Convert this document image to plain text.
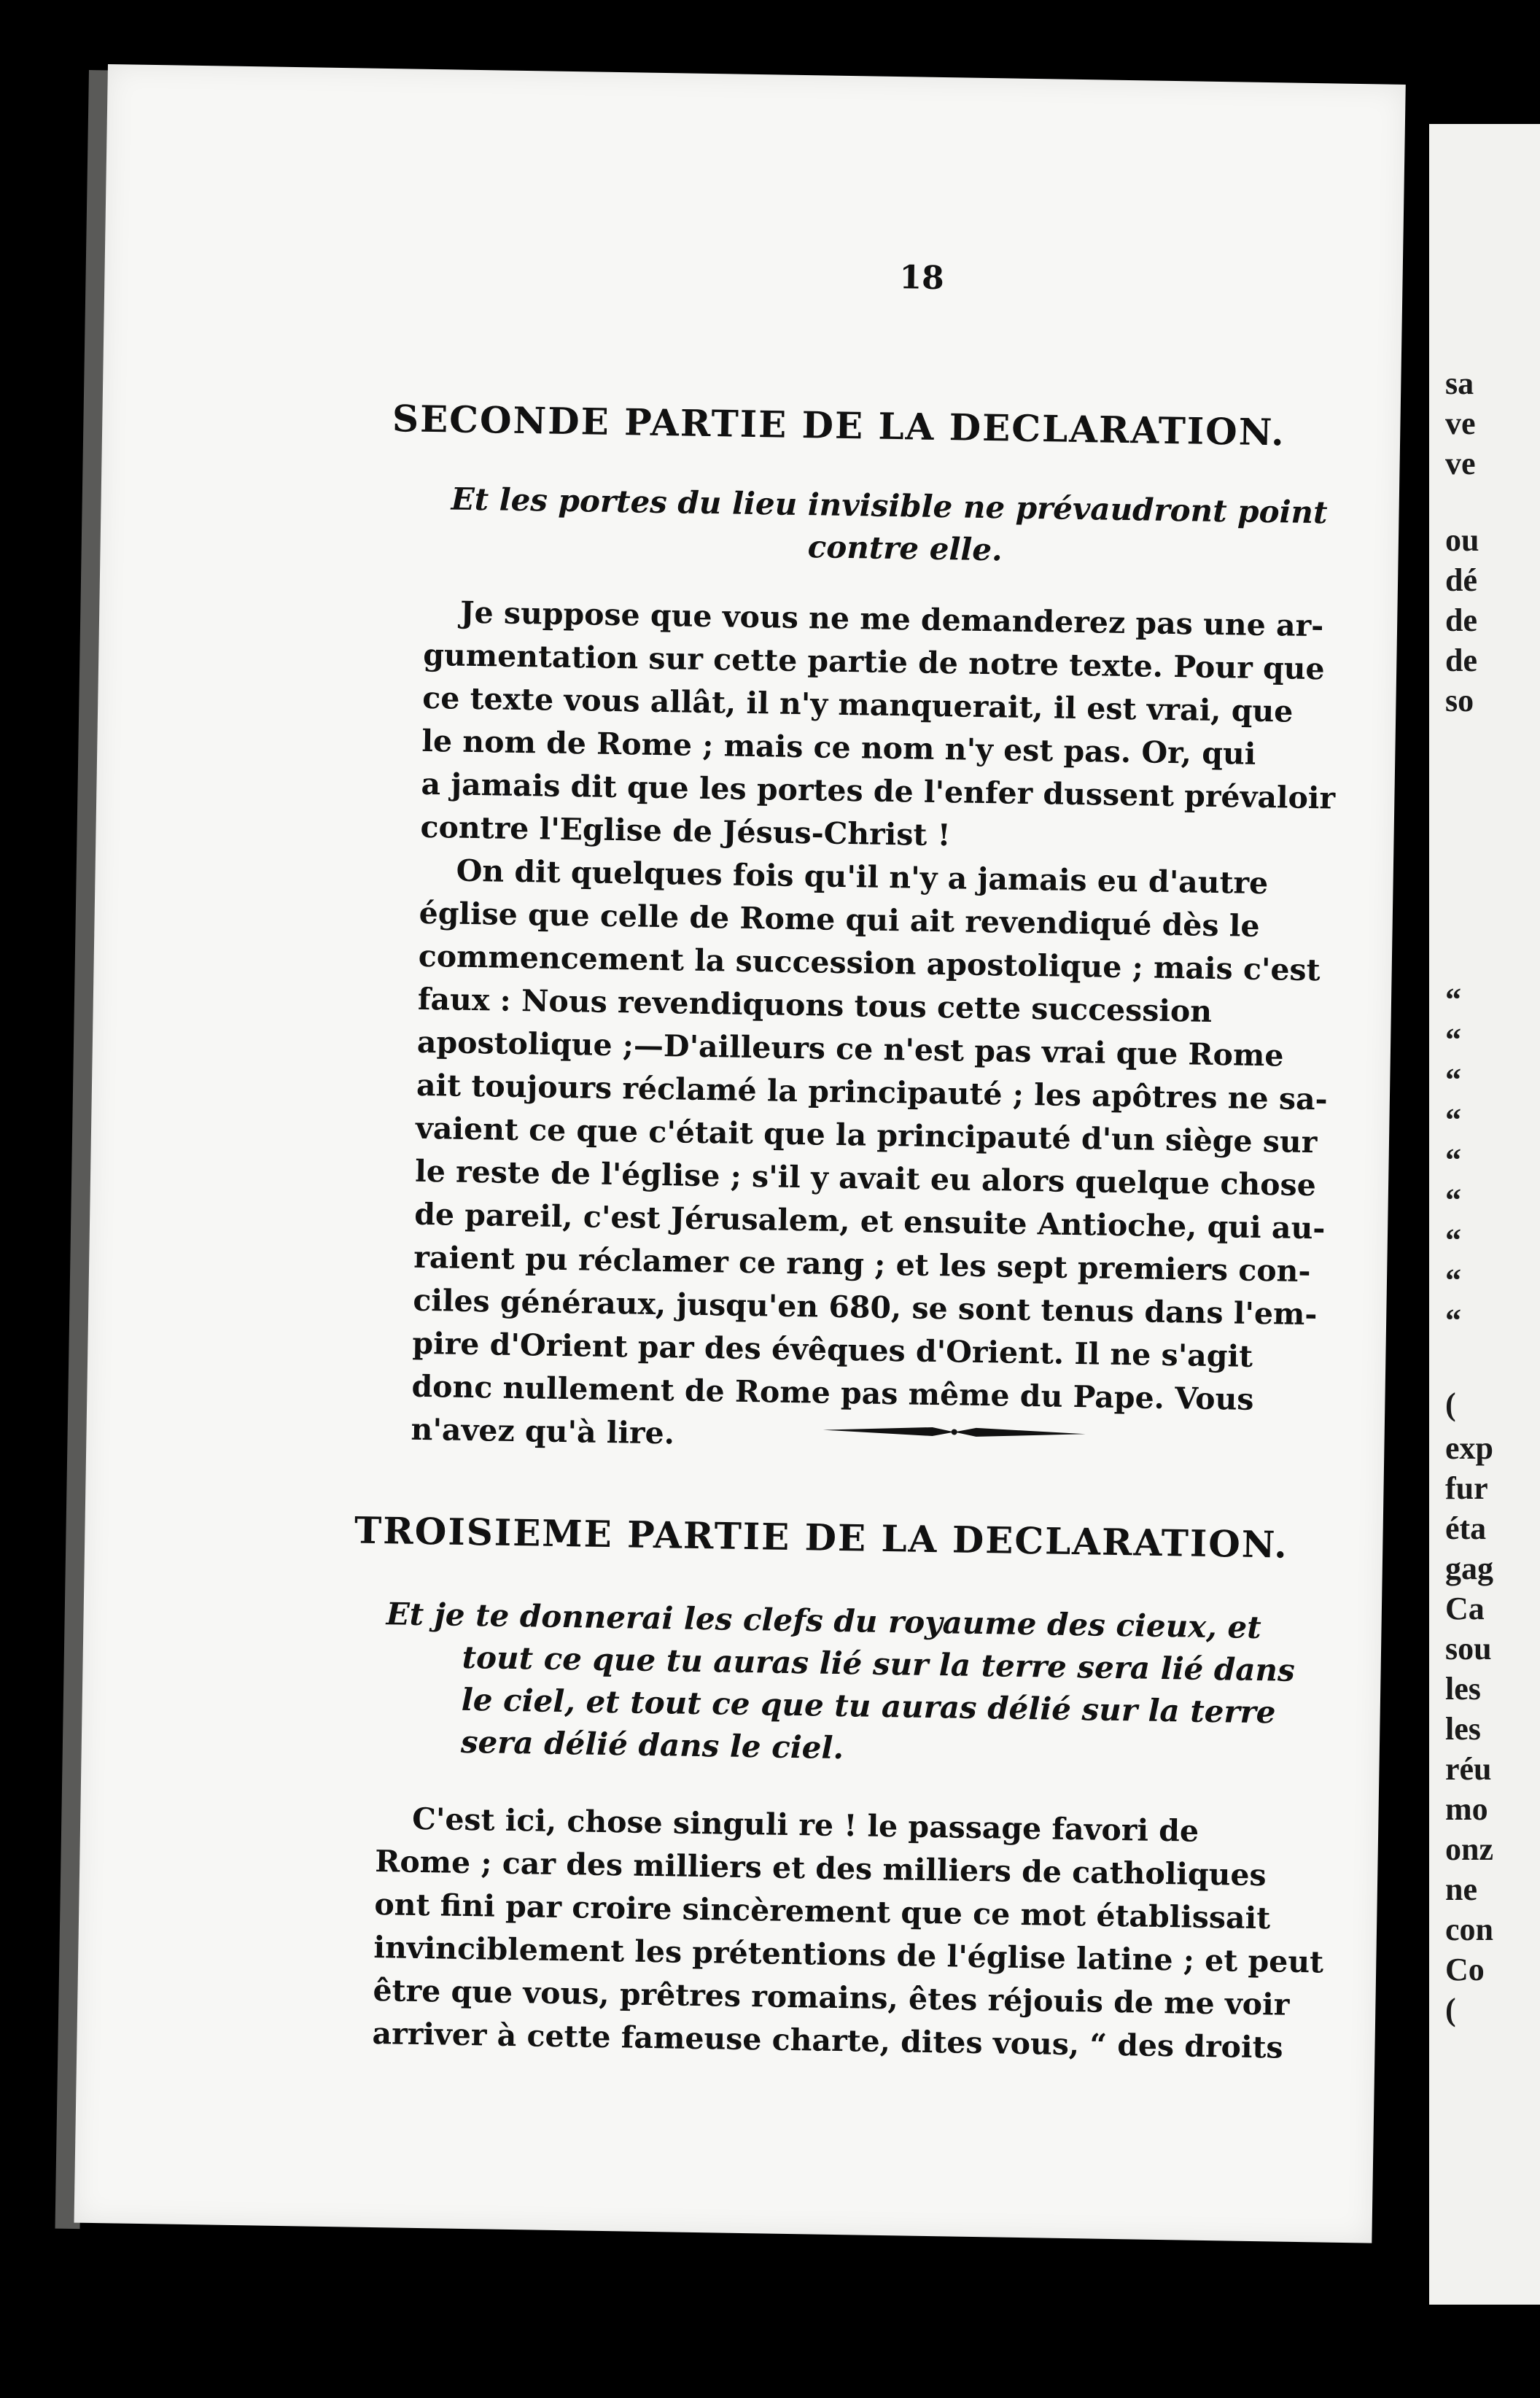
18
SECONDE PARTIE DE LA DECLARATION.
Et les portes du lieu invisible ne prévaudront point
contre elle.
Je suppose que vous ne me demanderez pas une ar-
gumentation sur cette partie de notre texte. Pour que
ce texte vous allât, il n'y manquerait, il est vrai, que
le nom de Rome ; mais ce nom n'y est pas. Or, qui
a jamais dit que les portes de l'enfer dussent prévaloir
contre l'Eglise de Jésus-Christ !
On dit quelques fois qu'il n'y a jamais eu d'autre
église que celle de Rome qui ait revendiqué dès le
commencement la succession apostolique ; mais c'est
faux : Nous revendiquons tous cette succession
apostolique ;—D'ailleurs ce n'est pas vrai que Rome
ait toujours réclamé la principauté ; les apôtres ne sa-
vaient ce que c'était que la principauté d'un siège sur
le reste de l'église ; s'il y avait eu alors quelque chose
de pareil, c'est Jérusalem, et ensuite Antioche, qui au-
raient pu réclamer ce rang ; et les sept premiers con-
ciles généraux, jusqu'en 680, se sont tenus dans l'em-
pire d'Orient par des évêques d'Orient. Il ne s'agit
donc nullement de Rome pas même du Pape. Vous
n'avez qu'à lire.
TROISIEME PARTIE DE LA DECLARATION.
Et je te donnerai les clefs du royaume des cieux, et
tout ce que tu auras lié sur la terre sera lié dans
le ciel, et tout ce que tu auras délié sur la terre
sera délié dans le ciel.
C'est ici, chose singuli re ! le passage favori de
Rome ; car des milliers et des milliers de catholiques
ont fini par croire sincèrement que ce mot établissait
invinciblement les prétentions de l'église latine ; et peut
être que vous, prêtres romains, êtes réjouis de me voir
arriver à cette fameuse charte, dites vous, “ des droits
sa
ve
ve
ou
dé
de
de
so
“
“
“
“
“
“
“
“
“
(
exp
fur
éta
gag
Ca
sou
les
les
réu
mo
onz
ne
con
Co
(
